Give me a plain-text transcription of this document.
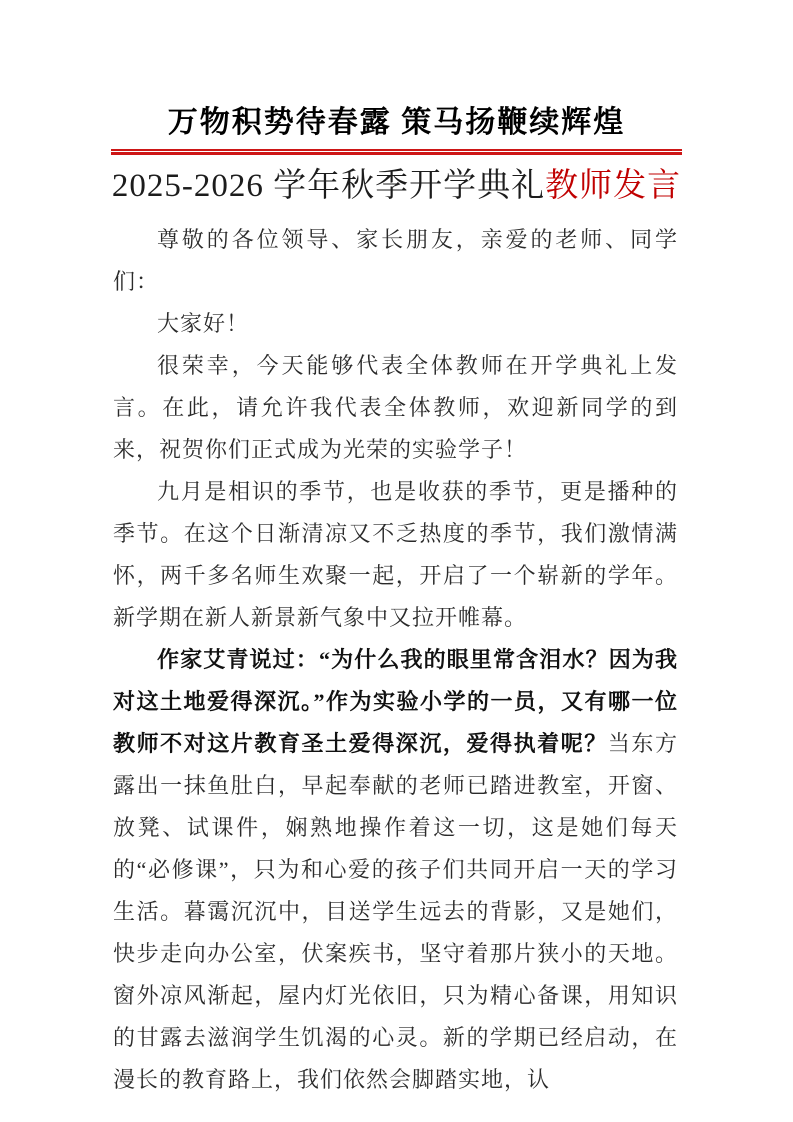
万物积势待春露 策马扬鞭续辉煌
2025-2026 学年秋季开学典礼教师发言

尊敬的各位领导、家长朋友，亲爱的老师、同学们：

大家好！

很荣幸，今天能够代表全体教师在开学典礼上发言。在此，请允许我代表全体教师，欢迎新同学的到来，祝贺你们正式成为光荣的实验学子！

九月是相识的季节，也是收获的季节，更是播种的季节。在这个日渐清凉又不乏热度的季节，我们激情满怀，两千多名师生欢聚一起，开启了一个崭新的学年。新学期在新人新景新气象中又拉开帷幕。

作家艾青说过：“为什么我的眼里常含泪水？因为我对这土地爱得深沉。”作为实验小学的一员，又有哪一位教师不对这片教育圣土爱得深沉，爱得执着呢？当东方露出一抹鱼肚白，早起奉献的老师已踏进教室，开窗、放凳、试课件，娴熟地操作着这一切，这是她们每天的“必修课”，只为和心爱的孩子们共同开启一天的学习生活。暮霭沉沉中，目送学生远去的背影，又是她们，快步走向办公室，伏案疾书，坚守着那片狭小的天地。窗外凉风渐起，屋内灯光依旧，只为精心备课，用知识的甘露去滋润学生饥渴的心灵。新的学期已经启动，在漫长的教育路上，我们依然会脚踏实地，认
